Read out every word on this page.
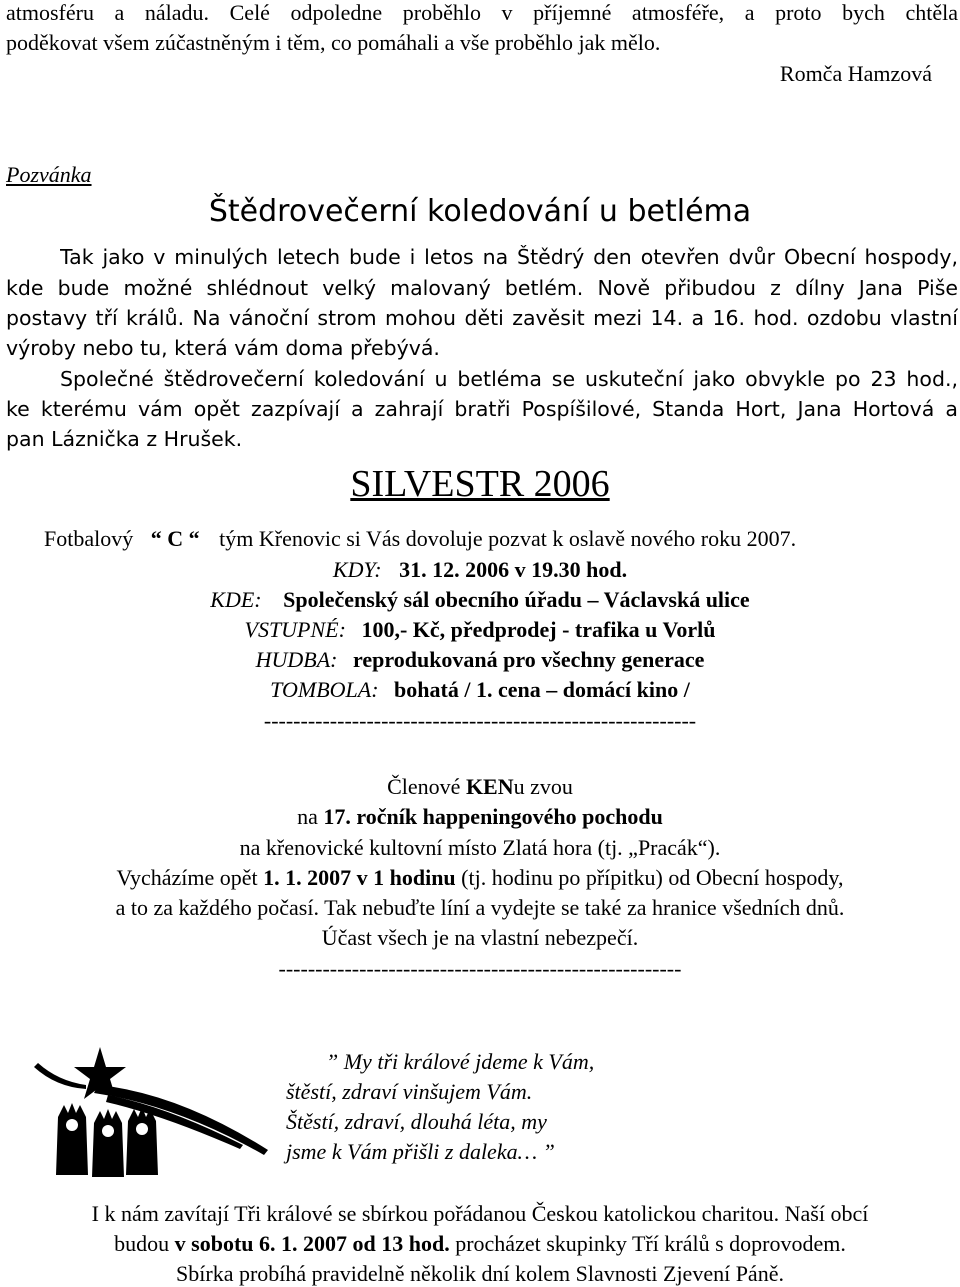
atmosféru a náladu. Celé odpoledne proběhlo v příjemné atmosféře, a proto bych chtěla
poděkovat všem zúčastněným i těm, co pomáhali a vše proběhlo jak mělo.
Romča Hamzová
Pozvánka
Štědrovečerní koledování u betléma
Tak jako v minulých letech bude i letos na Štědrý den otevřen dvůr Obecní hospody,
kde bude možné shlédnout velký malovaný betlém. Nově přibudou z dílny Jana Piše
postavy tří králů. Na vánoční strom mohou děti zavěsit mezi 14. a 16. hod. ozdobu vlastní
výroby nebo tu, která vám doma přebývá.
Společné štědrovečerní koledování u betléma se uskuteční jako obvykle po 23 hod.,
ke kterému vám opět zazpívají a zahrají bratři Pospíšilové, Standa Hort, Jana Hortová a
pan Láznička z Hrušek.
SILVESTR 2006
Fotbalový “ C “ tým Křenovic si Vás dovoluje pozvat k oslavě nového roku 2007.
KDY: 31. 12. 2006 v 19.30 hod.
KDE: Společenský sál obecního úřadu – Václavská ulice
VSTUPNÉ: 100,- Kč, předprodej - trafika u Vorlů
HUDBA: reprodukovaná pro všechny generace
TOMBOLA: bohatá / 1. cena – domácí kino /
-----------------------------------------------------------
Členové KENu zvou
na 17. ročník happeningového pochodu
na křenovické kultovní místo Zlatá hora (tj. „Pracák“).
Vycházíme opět 1. 1. 2007 v 1 hodinu (tj. hodinu po přípitku) od Obecní hospody,
a to za každého počasí. Tak nebuďte líní a vydejte se také za hranice všedních dnů.
Účast všech je na vlastní nebezpečí.
-------------------------------------------------------
” My tři králové jdeme k Vám,
štěstí, zdraví vinšujem Vám.
Štěstí, zdraví, dlouhá léta, my
jsme k Vám přišli z daleka… ”
I k nám zavítají Tři králové se sbírkou pořádanou Českou katolickou charitou. Naší obcí
budou v sobotu 6. 1. 2007 od 13 hod. procházet skupinky Tří králů s doprovodem.
Sbírka probíhá pravidelně několik dní kolem Slavnosti Zjevení Páně.
